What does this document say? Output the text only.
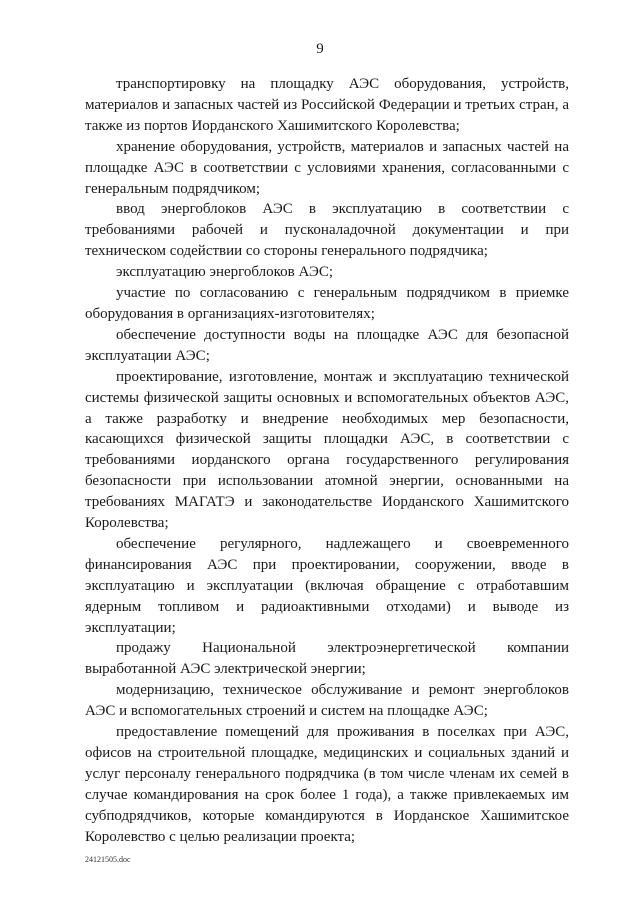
9

транспортировку на площадку АЭС оборудования, устройств, материалов и запасных частей из Российской Федерации и третьих стран, а также из портов Иорданского Хашимитского Королевства;

хранение оборудования, устройств, материалов и запасных частей на площадке АЭС в соответствии с условиями хранения, согласованными с генеральным подрядчиком;

ввод энергоблоков АЭС в эксплуатацию в соответствии с требованиями рабочей и пусконаладочной документации и при техническом содействии со стороны генерального подрядчика;

эксплуатацию энергоблоков АЭС;

участие по согласованию с генеральным подрядчиком в приемке оборудования в организациях-изготовителях;

обеспечение доступности воды на площадке АЭС для безопасной эксплуатации АЭС;

проектирование, изготовление, монтаж и эксплуатацию технической системы физической защиты основных и вспомогательных объектов АЭС, а также разработку и внедрение необходимых мер безопасности, касающихся физической защиты площадки АЭС, в соответствии с требованиями иорданского органа государственного регулирования безопасности при использовании атомной энергии, основанными на требованиях МАГАТЭ и законодательстве Иорданского Хашимитского Королевства;

обеспечение регулярного, надлежащего и своевременного финансирования АЭС при проектировании, сооружении, вводе в эксплуатацию и эксплуатации (включая обращение с отработавшим ядерным топливом и радиоактивными отходами) и выводе из эксплуатации;

продажу Национальной электроэнергетической компании выработанной АЭС электрической энергии;

модернизацию, техническое обслуживание и ремонт энергоблоков АЭС и вспомогательных строений и систем на площадке АЭС;

предоставление помещений для проживания в поселках при АЭС, офисов на строительной площадке, медицинских и социальных зданий и услуг персоналу генерального подрядчика (в том числе членам их семей в случае командирования на срок более 1 года), а также привлекаемых им субподрядчиков, которые командируются в Иорданское Хашимитское Королевство с целью реализации проекта;

24121505.doc
